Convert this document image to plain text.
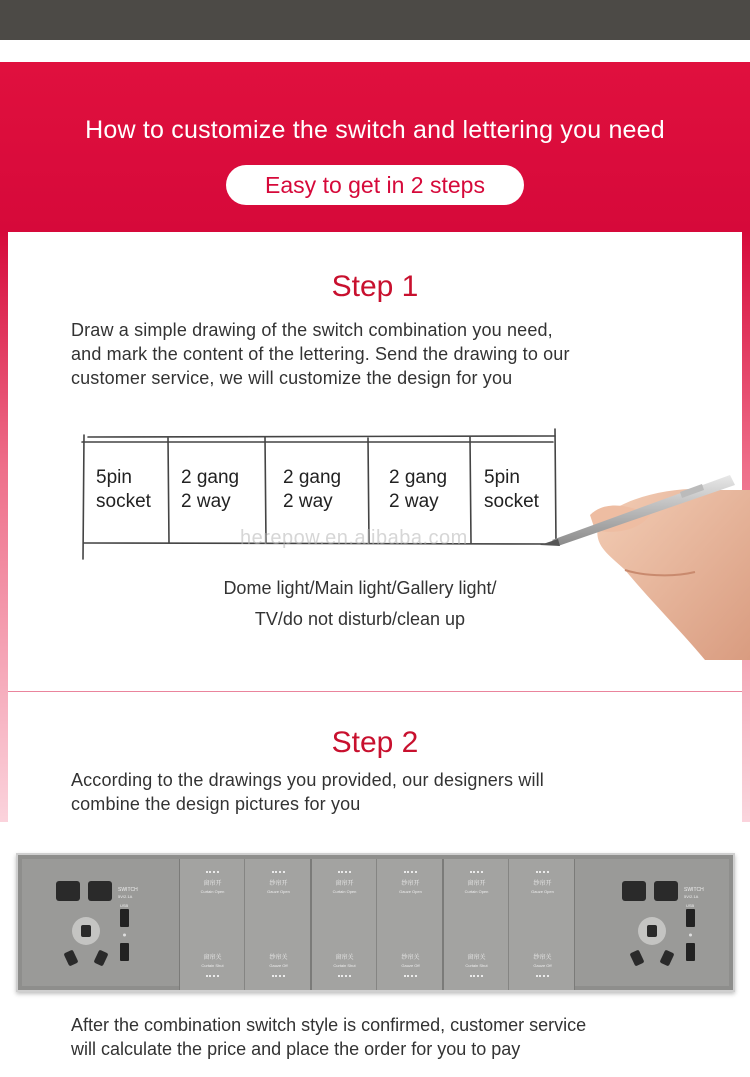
How to customize the switch and lettering you need
Easy to get in 2 steps
Step 1
Draw a simple drawing of the switch combination you need,
and mark the content of the lettering. Send the drawing to our
customer service, we will customize the design for you
5pin
socket
2 gang
2 way
2 gang
2 way
2 gang
2 way
5pin
socket
herepow.en.alibaba.com
Dome light/Main light/Gallery light/
TV/do not disturb/clean up
Step 2
According to the drawings you provided, our designers will
combine the design pictures for you
SWITCH
5V/2.1A
USB
窗帘开
Curtain Open
窗帘关
Curtain Shut
纱帘开
Gauze Open
纱帘关
Gauze Off
窗帘开
Curtain Open
窗帘关
Curtain Shut
纱帘开
Gauze Open
纱帘关
Gauze Off
窗帘开
Curtain Open
窗帘关
Curtain Shut
纱帘开
Gauze Open
纱帘关
Gauze Off
SWITCH
5V/2.1A
USB
After the combination switch style is confirmed, customer service
will calculate the price and place the order for you to pay
